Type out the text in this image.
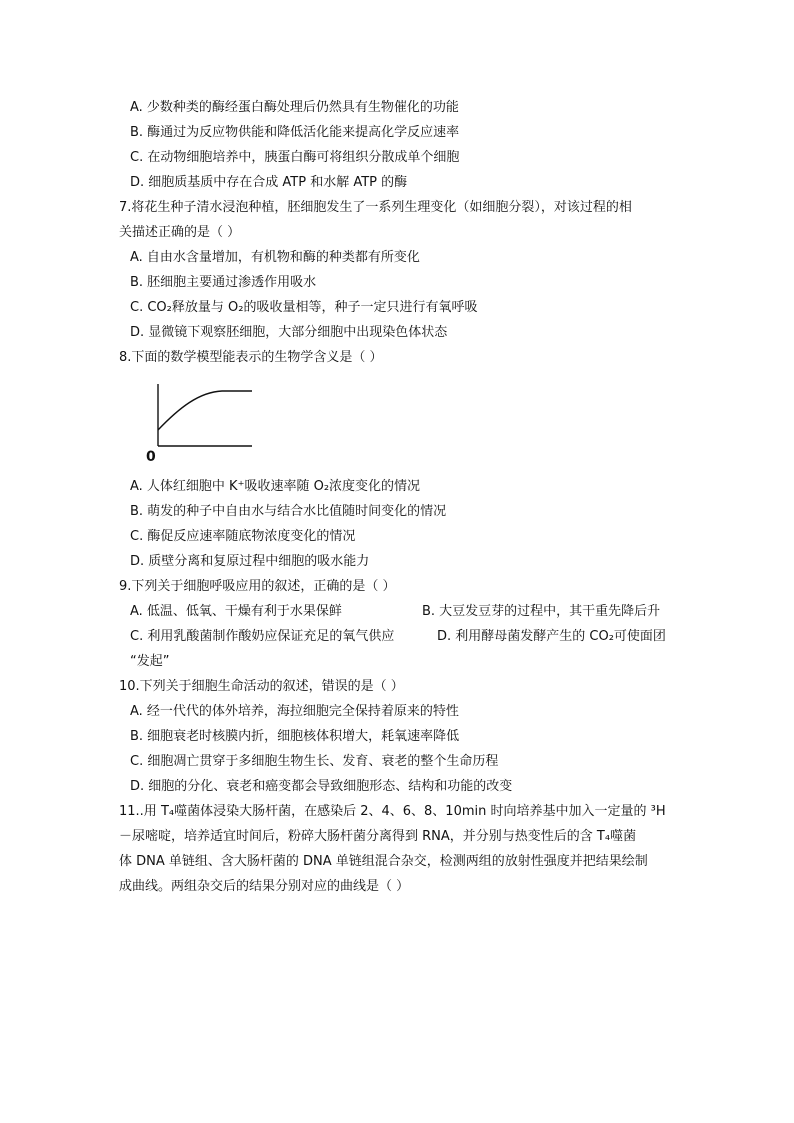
A. 少数种类的酶经蛋白酶处理后仍然具有生物催化的功能
B. 酶通过为反应物供能和降低活化能来提高化学反应速率
C. 在动物细胞培养中，胰蛋白酶可将组织分散成单个细胞
D. 细胞质基质中存在合成 ATP 和水解 ATP 的酶
7.将花生种子清水浸泡种植，胚细胞发生了一系列生理变化（如细胞分裂），对该过程的相
关描述正确的是（ ）
A. 自由水含量增加，有机物和酶的种类都有所变化
B. 胚细胞主要通过渗透作用吸水
C. CO₂释放量与 O₂的吸收量相等，种子一定只进行有氧呼吸
D. 显微镜下观察胚细胞，大部分细胞中出现染色体状态
8.下面的数学模型能表示的生物学含义是（ ）
0
A. 人体红细胞中 K⁺吸收速率随 O₂浓度变化的情况
B. 萌发的种子中自由水与结合水比值随时间变化的情况
C. 酶促反应速率随底物浓度变化的情况
D. 质壁分离和复原过程中细胞的吸水能力
9.下列关于细胞呼吸应用的叙述，正确的是（ ）
A. 低温、低氧、干燥有利于水果保鲜	B. 大豆发豆芽的过程中，其干重先降后升
C. 利用乳酸菌制作酸奶应保证充足的氧气供应	D. 利用酵母菌发酵产生的 CO₂可使面团
“发起”
10.下列关于细胞生命活动的叙述，错误的是（ ）
A. 经一代代的体外培养，海拉细胞完全保持着原来的特性
B. 细胞衰老时核膜内折，细胞核体积增大，耗氧速率降低
C. 细胞凋亡贯穿于多细胞生物生长、发育、衰老的整个生命历程
D. 细胞的分化、衰老和癌变都会导致细胞形态、结构和功能的改变
11..用 T₄噬菌体浸染大肠杆菌，在感染后 2、4、6、8、10min 时向培养基中加入一定量的 ³H
－尿嘧啶，培养适宜时间后，粉碎大肠杆菌分离得到 RNA，并分别与热变性后的含 T₄噬菌
体 DNA 单链组、含大肠杆菌的 DNA 单链组混合杂交，检测两组的放射性强度并把结果绘制
成曲线。两组杂交后的结果分别对应的曲线是（ ）
